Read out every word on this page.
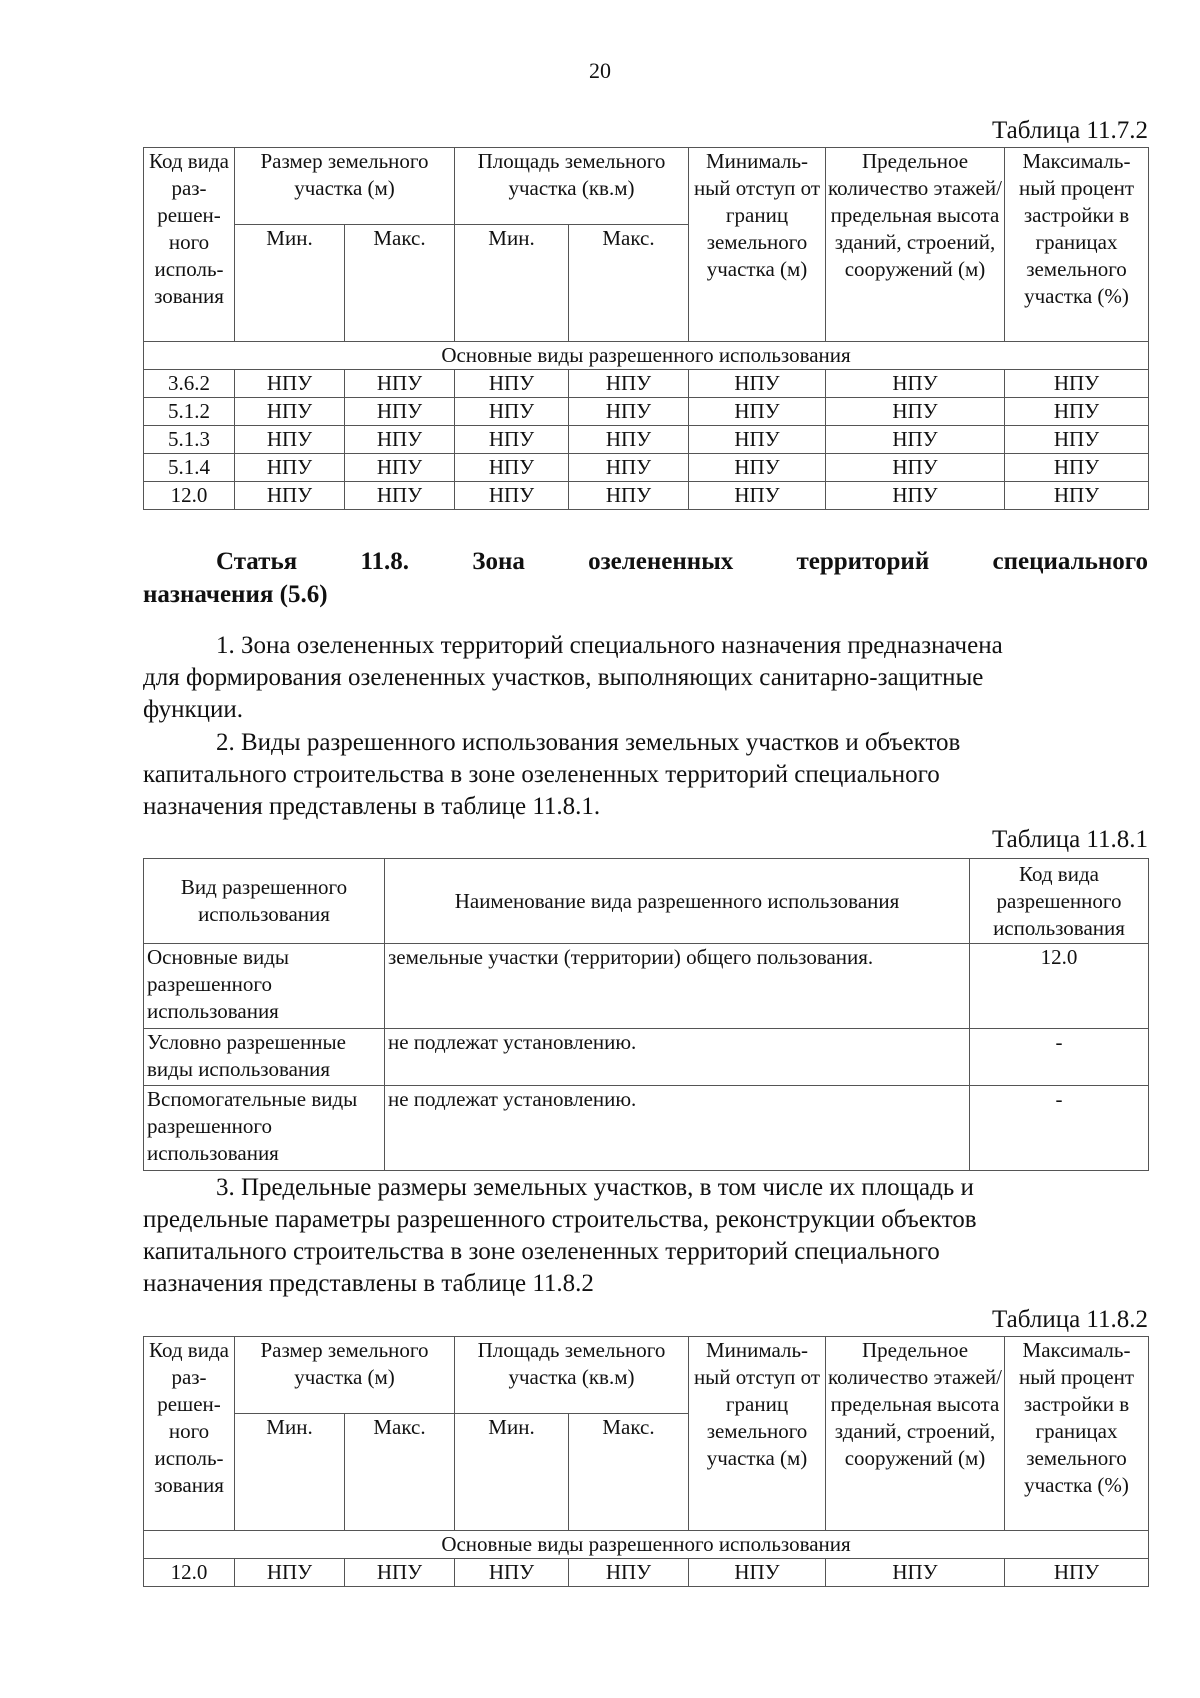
20
Таблица 11.7.2
Код вида раз- решен- ного исполь- зования	Размер земельного участка (м)		Площадь земельного участка (кв.м)		Минималь- ный отступ от границ земельного участка (м)	Предельное количество этажей/ предельная высота зданий, строений, сооружений (м)	Максималь- ный процент застройки в границах земельного участка (%)
	Мин.	Макс.	Мин.	Макс.			
Основные виды разрешенного использования							
3.6.2	НПУ	НПУ	НПУ	НПУ	НПУ	НПУ	НПУ
5.1.2	НПУ	НПУ	НПУ	НПУ	НПУ	НПУ	НПУ
5.1.3	НПУ	НПУ	НПУ	НПУ	НПУ	НПУ	НПУ
5.1.4	НПУ	НПУ	НПУ	НПУ	НПУ	НПУ	НПУ
12.0	НПУ	НПУ	НПУ	НПУ	НПУ	НПУ	НПУ
Статья	11.8.	Зона	озелененных	территорий	специального
назначения (5.6)
1. Зона озелененных территорий специального назначения предназначена
для формирования озелененных участков, выполняющих санитарно-защитные
функции.
2. Виды разрешенного использования земельных участков и объектов
капитального строительства в зоне озелененных территорий специального
назначения представлены в таблице 11.8.1.
Таблица 11.8.1
Вид разрешенного использования	Наименование вида разрешенного использования	Код вида разрешенного использования
Основные виды разрешенного использования	земельные участки (территории) общего пользования.	12.0
Условно разрешенные виды использования	не подлежат установлению.	-
Вспомогательные виды разрешенного использования	не подлежат установлению.	-
3. Предельные размеры земельных участков, в том числе их площадь и
предельные параметры разрешенного строительства, реконструкции объектов
капитального строительства в зоне озелененных территорий специального
назначения представлены в таблице 11.8.2
Таблица 11.8.2
Код вида раз- решен- ного исполь- зования	Размер земельного участка (м)		Площадь земельного участка (кв.м)		Минималь- ный отступ от границ земельного участка (м)	Предельное количество этажей/ предельная высота зданий, строений, сооружений (м)	Максималь- ный процент застройки в границах земельного участка (%)
	Мин.	Макс.	Мин.	Макс.			
Основные виды разрешенного использования							
12.0	НПУ	НПУ	НПУ	НПУ	НПУ	НПУ	НПУ
